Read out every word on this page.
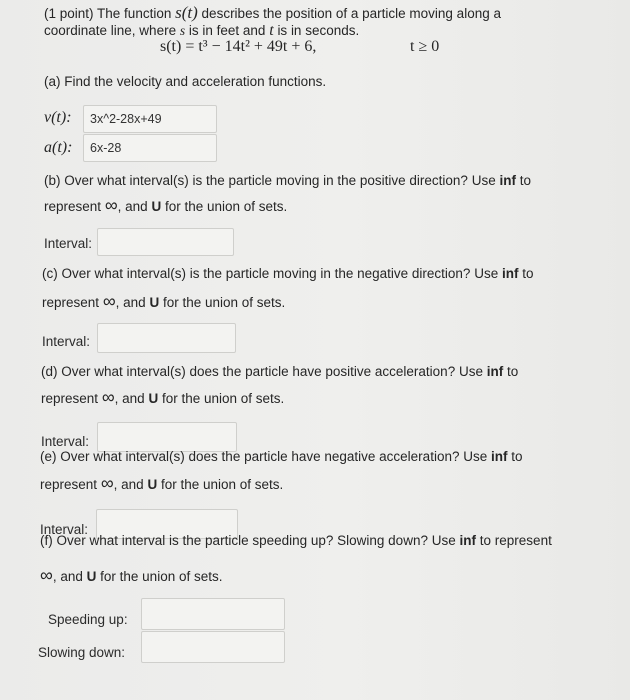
(1 point) The function s(t) describes the position of a particle moving along a
coordinate line, where s is in feet and t is in seconds.
s(t) = t³ − 14t² + 49t + 6,	t ≥ 0
(a) Find the velocity and acceleration functions.
v(t):	3x^2-28x+49
a(t):	6x-28
(b) Over what interval(s) is the particle moving in the positive direction? Use inf to
represent ∞, and U for the union of sets.
Interval:
(c) Over what interval(s) is the particle moving in the negative direction? Use inf to
represent ∞, and U for the union of sets.
Interval:
(d) Over what interval(s) does the particle have positive acceleration? Use inf to
represent ∞, and U for the union of sets.
Interval:
(e) Over what interval(s) does the particle have negative acceleration? Use inf to
represent ∞, and U for the union of sets.
Interval:
(f) Over what interval is the particle speeding up? Slowing down? Use inf to represent
∞, and U for the union of sets.
Speeding up:
Slowing down:
